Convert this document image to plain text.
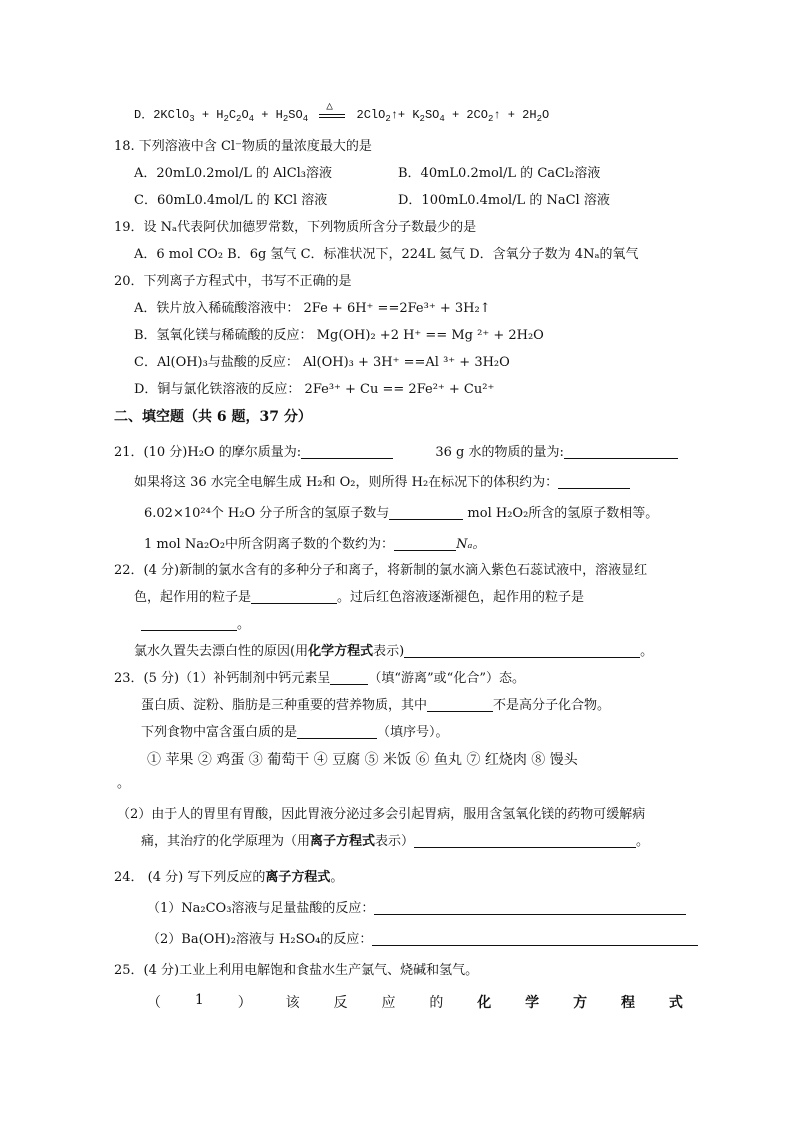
D．2KClO$_3$ + $H_2C_2O_4 + H_2SO_4$
△
2ClO$_2$↑+ $K_2SO_4$ + $2CO_2↑ + 2H_2O$
18. 下列溶液中含 Cl⁻物质的量浓度最大的是
A．20mL0.2mol/L 的 AlCl₃溶液	B．40mL0.2mol/L 的 CaCl₂溶液
C．60mL0.4mol/L 的 KCl 溶液	D．100mL0.4mol/L 的 NaCl 溶液
19．设 Nₐ代表阿伏加德罗常数，下列物质所含分子数最少的是
A．6 mol CO₂ B．6g 氢气 C．标准状况下，224L 氦气 D．含氧分子数为 4Nₐ的氧气
20．下列离子方程式中，书写不正确的是
A．铁片放入稀硫酸溶液中： 2Fe + 6H⁺ ==2Fe³⁺ + 3H₂↑
B．氢氧化镁与稀硫酸的反应： Mg(OH)₂ +2 H⁺ == Mg ²⁺ + 2H₂O
C．Al(OH)₃与盐酸的反应： Al(OH)₃ + 3H⁺ ==Al ³⁺ + 3H₂O
D．铜与氯化铁溶液的反应： 2Fe³⁺ + Cu == 2Fe²⁺ + Cu²⁺
二、填空题（共 6 题，37 分）
21．(10 分)H₂O 的摩尔质量为:	36 g 水的物质的量为:
如果将这 36 水完全电解生成 H₂和 O₂，则所得 H₂在标况下的体积约为：
6.02×10²⁴个 H₂O 分子所含的氢原子数与	mol H₂O₂所含的氢原子数相等。
1 mol Na₂O₂中所含阴离子数的个数约为：	Nₐ。
22．(4 分)新制的氯水含有的多种分子和离子，将新制的氯水滴入紫色石蕊试液中，溶液显红
色，起作用的粒子是	。过后红色溶液逐渐褪色，起作用的粒子是
。
氯水久置失去漂白性的原因(用化学方程式表示)	。
23．(5 分)（1）补钙制剂中钙元素呈	（填“游离”或“化合”）态。
蛋白质、淀粉、脂肪是三种重要的营养物质，其中	不是高分子化合物。
下列食物中富含蛋白质的是	（填序号）。
① 苹果 ② 鸡蛋 ③ 葡萄干 ④ 豆腐 ⑤ 米饭 ⑥ 鱼丸 ⑦ 红烧肉 ⑧ 馒头
。
（2）由于人的胃里有胃酸，因此胃液分泌过多会引起胃病，服用含氢氧化镁的药物可缓解病
痛，其治疗的化学原理为（用离子方程式表示）	。
24． (4 分) 写下列反应的离子方程式。
（1）Na₂CO₃溶液与足量盐酸的反应：
（2）Ba(OH)₂溶液与 H₂SO₄的反应：
25．(4 分)工业上利用电解饱和食盐水生产氯气、烧碱和氢气。
（ 1 ） 该 反 应 的 化 学 方 程 式
